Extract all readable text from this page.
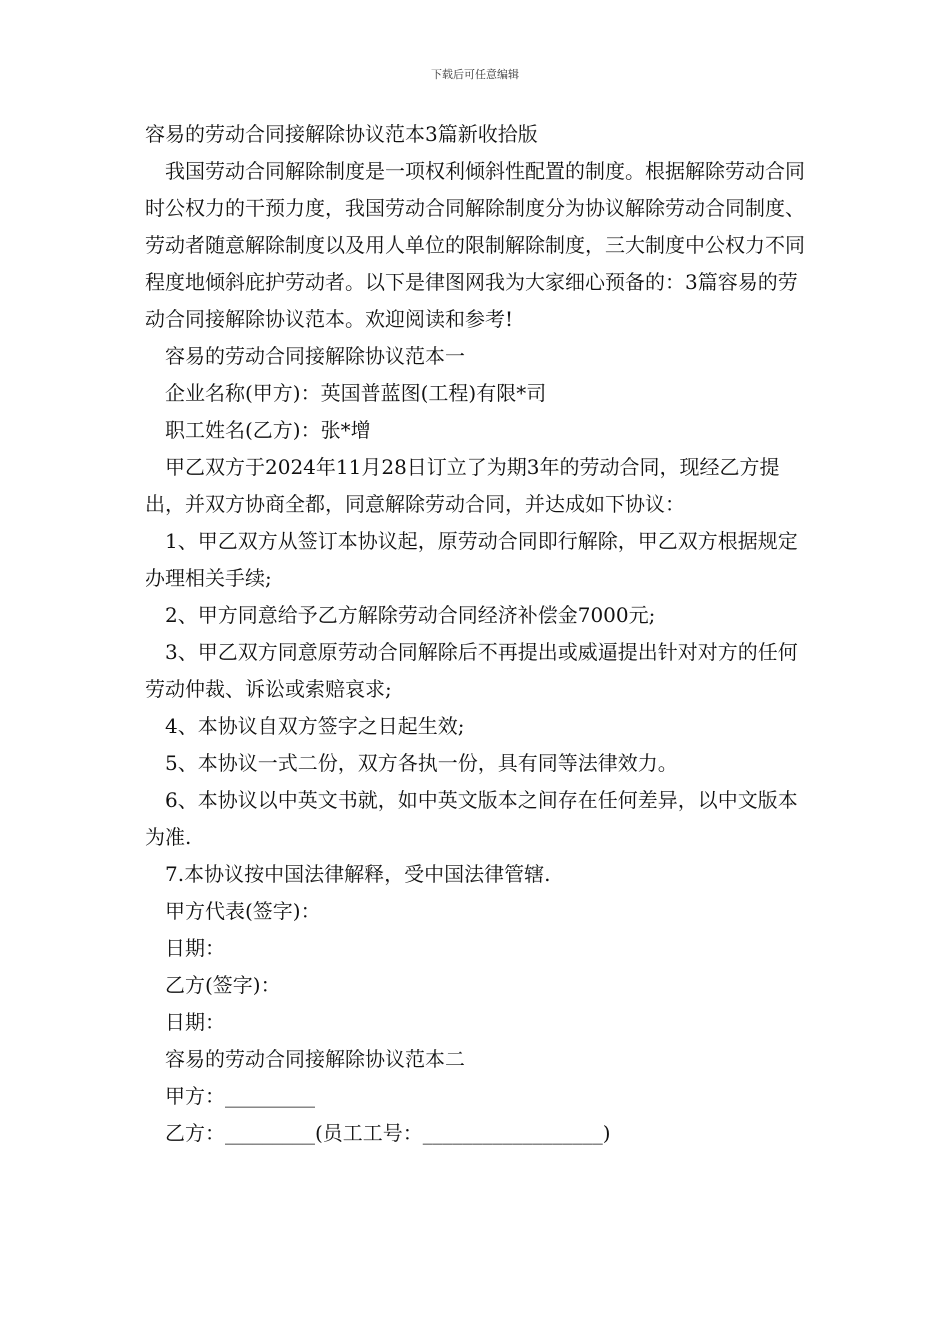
下载后可任意编辑

容易的劳动合同接解除协议范本3篇新收拾版

我国劳动合同解除制度是一项权利倾斜性配置的制度。根据解除劳动合同时公权力的干预力度，我国劳动合同解除制度分为协议解除劳动合同制度、劳动者随意解除制度以及用人单位的限制解除制度，三大制度中公权力不同程度地倾斜庇护劳动者。以下是律图网我为大家细心预备的：3篇容易的劳动合同接解除协议范本。欢迎阅读和参考!

容易的劳动合同接解除协议范本一

企业名称(甲方)：英国普蓝图(工程)有限*司

职工姓名(乙方)：张*增

甲乙双方于2024年11月28日订立了为期3年的劳动合同，现经乙方提出，并双方协商全都，同意解除劳动合同，并达成如下协议：

1、甲乙双方从签订本协议起，原劳动合同即行解除，甲乙双方根据规定办理相关手续;

2、甲方同意给予乙方解除劳动合同经济补偿金7000元;

3、甲乙双方同意原劳动合同解除后不再提出或威逼提出针对对方的任何劳动仲裁、诉讼或索赔哀求;

4、本协议自双方签字之日起生效;

5、本协议一式二份，双方各执一份，具有同等法律效力。

6、本协议以中英文书就，如中英文版本之间存在任何差异，以中文版本为准.

7.本协议按中国法律解释，受中国法律管辖.

甲方代表(签字)：

日期：

乙方(签字)：

日期：

容易的劳动合同接解除协议范本二

甲方：_________

乙方：_________(员工工号：__________________)
